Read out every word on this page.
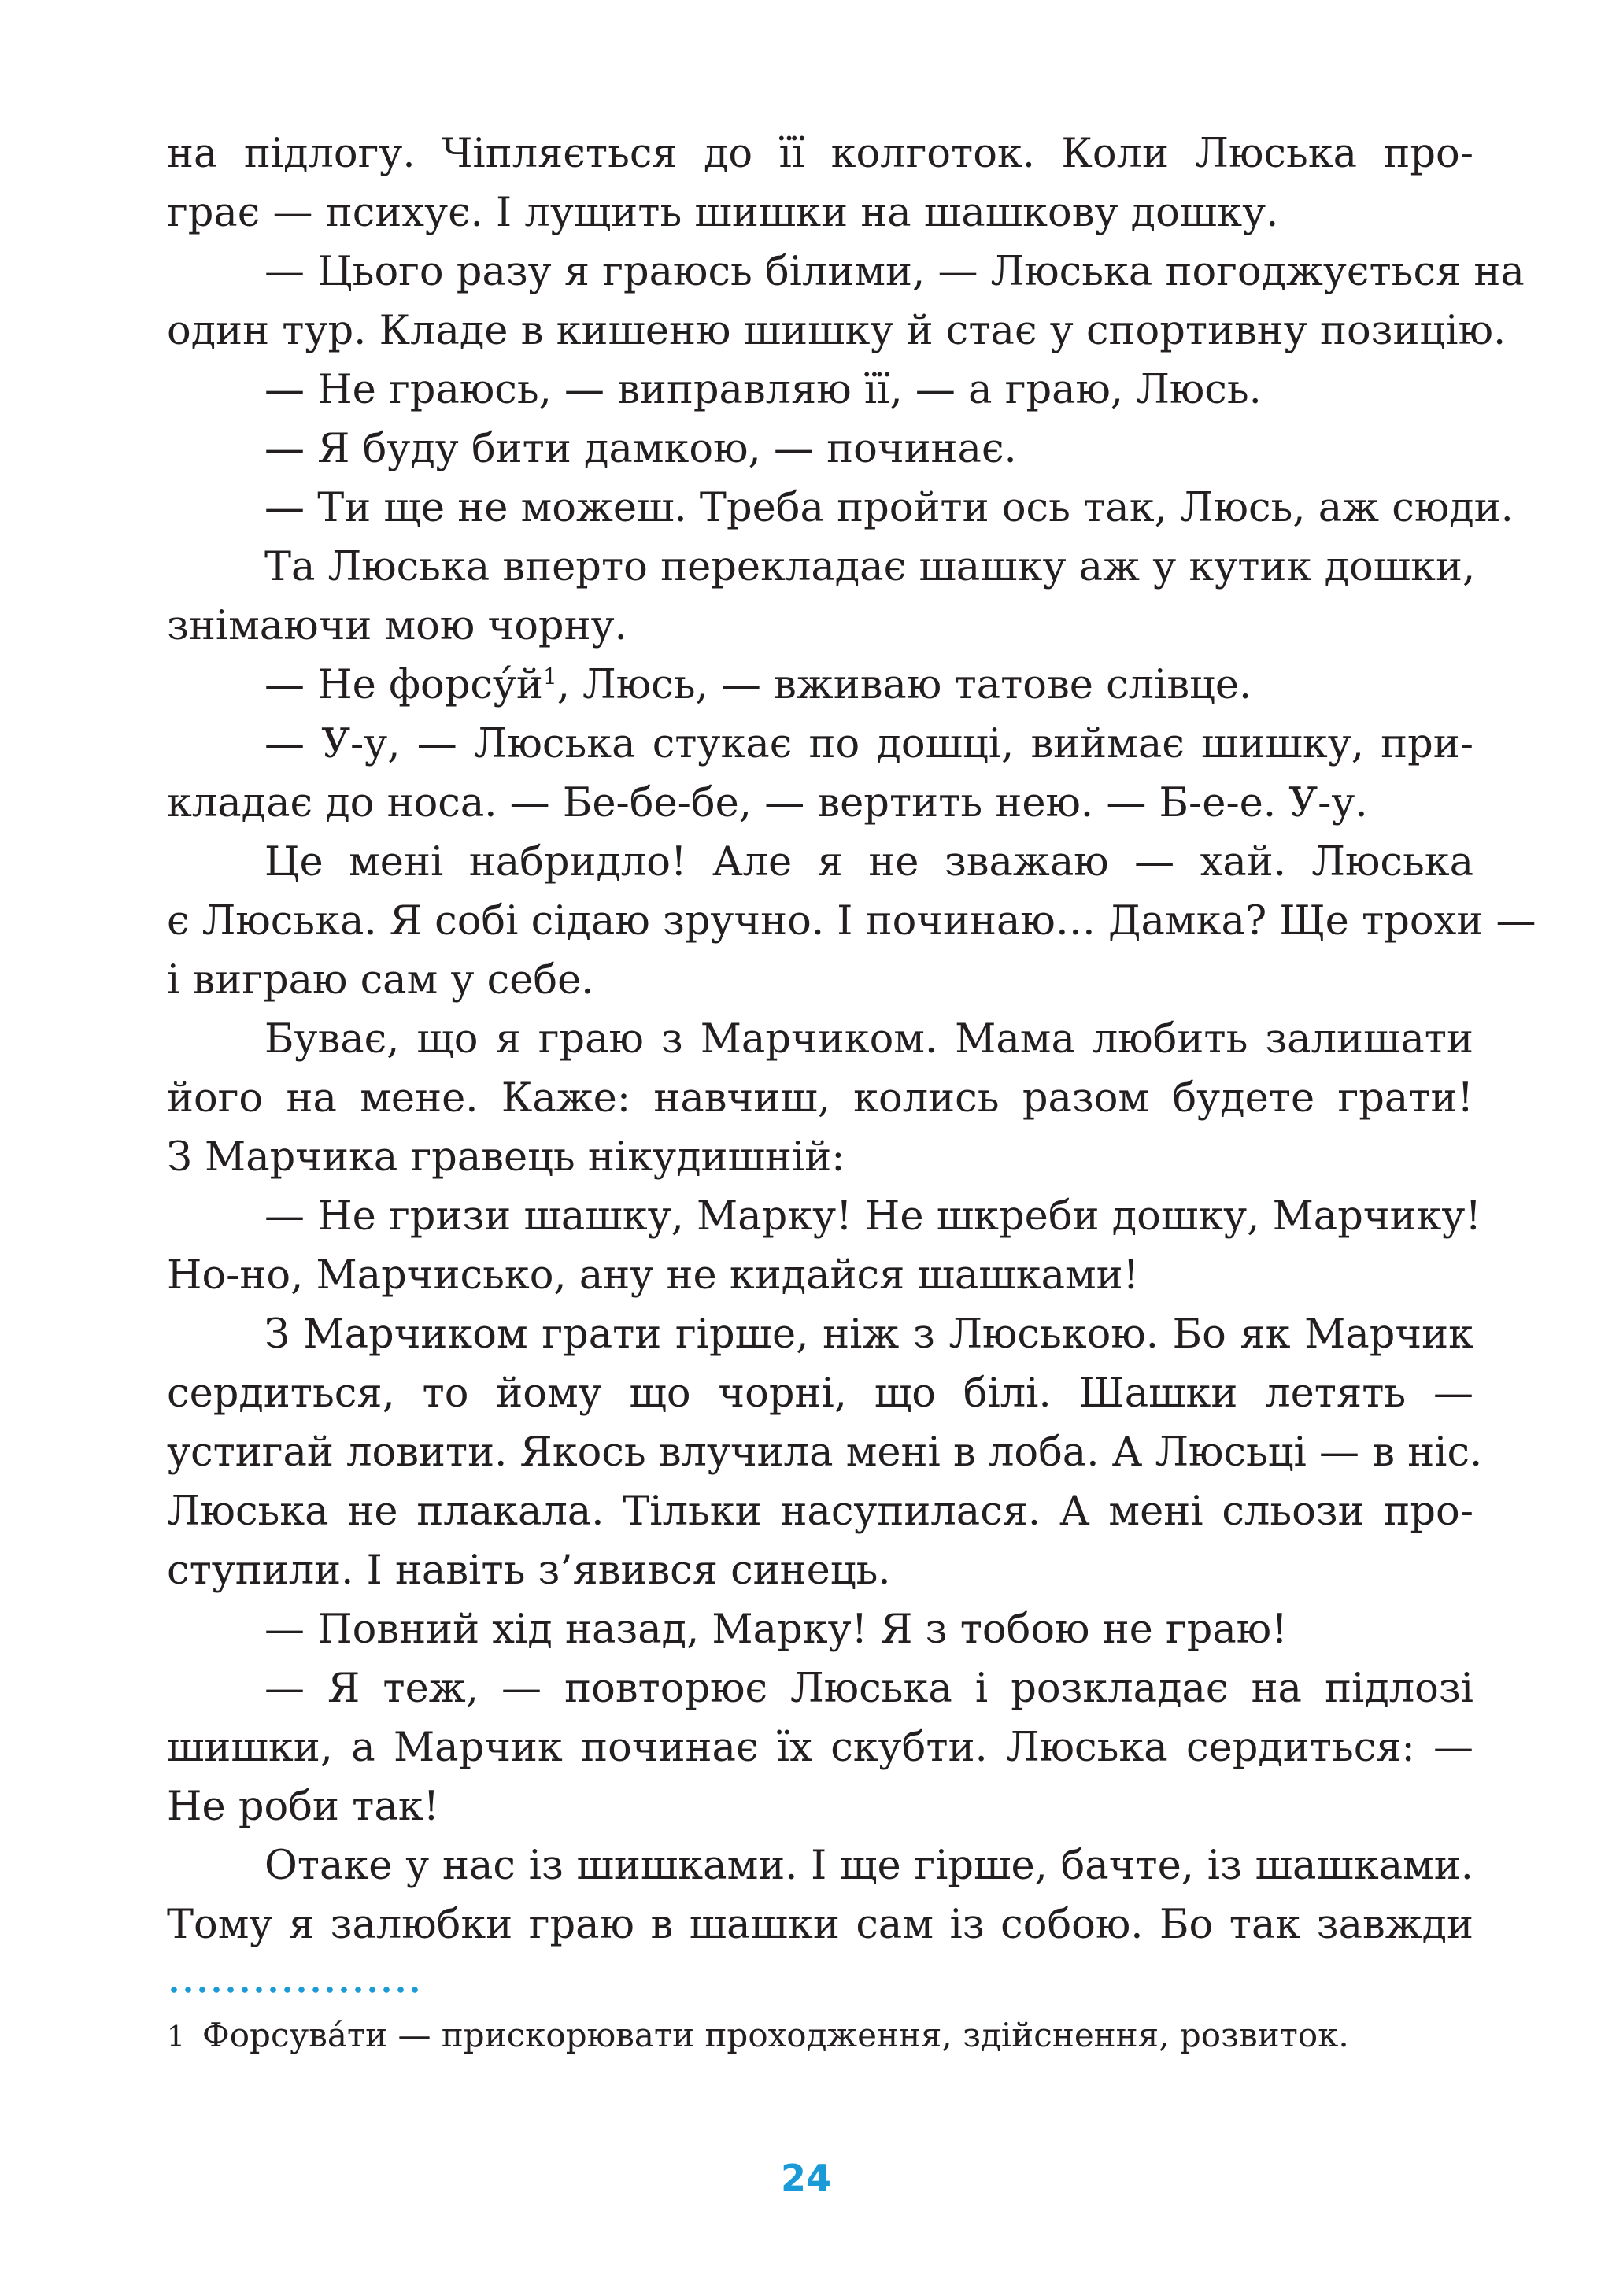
на підлогу. Чіпляється до її колготок. Коли Люська про-
грає — психує. І лущить шишки на шашкову дошку.
— Цього разу я граюсь білими, — Люська погоджується на
один тур. Кладе в кишеню шишку й стає у спортивну позицію.
— Не граюсь, — виправляю її, — а граю, Люсь.
— Я буду бити дамкою, — починає.
— Ти ще не можеш. Треба пройти ось так, Люсь, аж сюди.
Та Люська вперто перекладає шашку аж у кутик дошки,
знімаючи мою чорну.
— Не форсу́й$^1$, Люсь, — вживаю татове слівце.
— У-у, — Люська стукає по дошці, виймає шишку, при-
кладає до носа. — Бе-бе-бе, — вертить нею. — Б-е-е. У-у.
Це мені набридло! Але я не зважаю — хай. Люська
є Люська. Я собі сідаю зручно. І починаю… Дамка? Ще трохи —
і виграю сам у себе.
Буває, що я граю з Марчиком. Мама любить залишати
його на мене. Каже: навчиш, колись разом будете грати!
З Марчика гравець нікудишній:
— Не гризи шашку, Марку! Не шкреби дошку, Марчику!
Но-но, Марчисько, ану не кидайся шашками!
З Марчиком грати гірше, ніж з Люською. Бо як Марчик
сердиться, то йому що чорні, що білі. Шашки летять —
устигай ловити. Якось влучила мені в лоба. А Люсьці — в ніс.
Люська не плакала. Тільки насупилася. А мені сльози про-
ступили. І навіть з’явився синець.
— Повний хід назад, Марку! Я з тобою не граю!
— Я теж, — повторює Люська і розкладає на підлозі
шишки, а Марчик починає їх скубти. Люська сердиться: —
Не роби так!
Отаке у нас із шишками. І ще гірше, бачте, із шашками.
Тому я залюбки граю в шашки сам із собою. Бо так завжди
1 Форсува́ти — прискорювати проходження, здійснення, розвиток.
24
